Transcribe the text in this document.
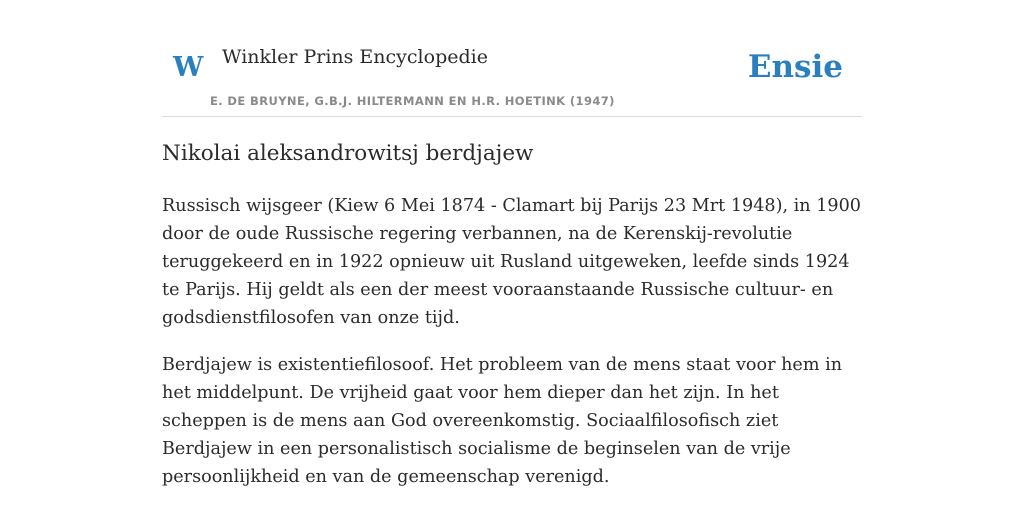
W Winkler Prins Encyclopedie
E. DE BRUYNE, G.B.J. HILTERMANN EN H.R. HOETINK (1947)
Ensie
Nikolai aleksandrowitsj berdjajew

Russisch wijsgeer (Kiew 6 Mei 1874 - Clamart bij Parijs 23 Mrt 1948), in 1900 door de oude Russische regering verbannen, na de Kerenskij-revolutie teruggekeerd en in 1922 opnieuw uit Rusland uitgeweken, leefde sinds 1924 te Parijs. Hij geldt als een der meest vooraanstaande Russische cultuur- en godsdienstfilosofen van onze tijd.

Berdjajew is existentiefilosoof. Het probleem van de mens staat voor hem in het middelpunt. De vrijheid gaat voor hem dieper dan het zijn. In het scheppen is de mens aan God overeenkomstig. Sociaalfilosofisch ziet Berdjajew in een personalistisch socialisme de beginselen van de vrije persoonlijkheid en van de gemeenschap verenigd.
